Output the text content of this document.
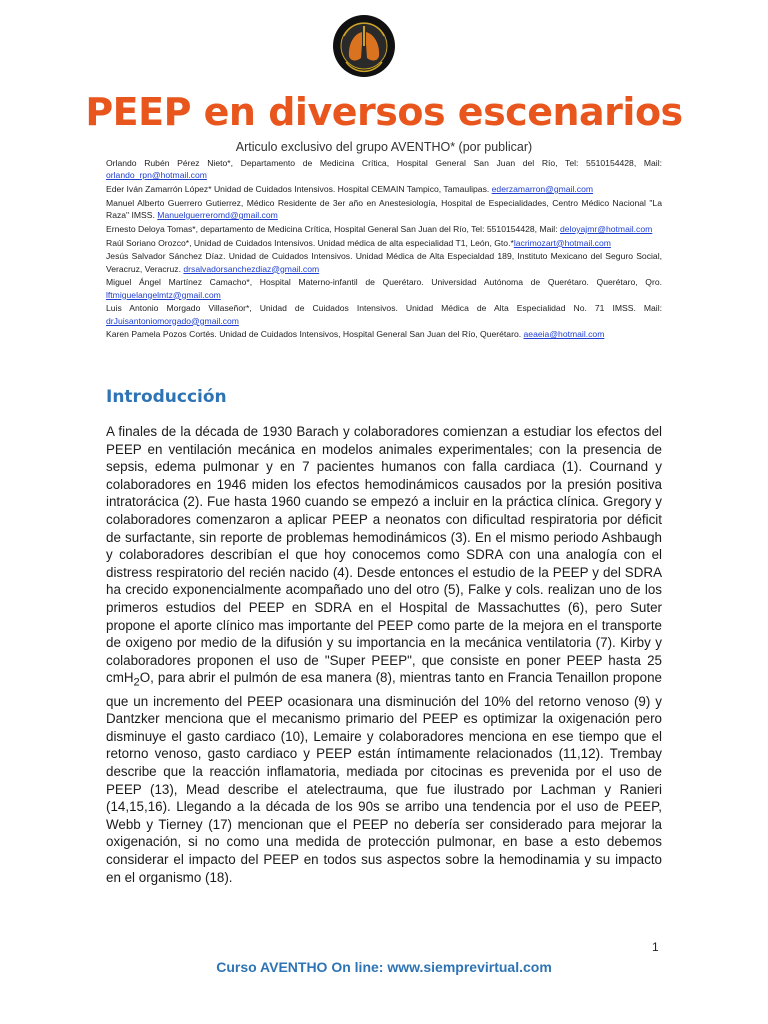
PEEP en diversos escenarios
Articulo exclusivo del grupo AVENTHO* (por publicar)
Orlando Rubén Pérez Nieto*, Departamento de Medicina Crítica, Hospital General San Juan del Río, Tel: 5510154428, Mail: orlando_rpn@hotmail.com
Eder Iván Zamarrón López* Unidad de Cuidados Intensivos. Hospital CEMAIN Tampico, Tamaulipas. ederzamarron@gmail.com
Manuel Alberto Guerrero Gutierrez, Médico Residente de 3er año en Anestesiología, Hospital de Especialidades, Centro Médico Nacional "La Raza" IMSS. Manuelguerreromd@gmail.com
Ernesto Deloya Tomas*, departamento de Medicina Crítica, Hospital General San Juan del Río, Tel: 5510154428, Mail: deloyajmr@hotmail.com
Raúl Soriano Orozco*, Unidad de Cuidados Intensivos. Unidad médica de alta especialidad T1, León, Gto.*lacrimozart@hotmail.com
Jesús Salvador Sánchez Díaz. Unidad de Cuidados Intensivos. Unidad Médica de Alta Especialdad 189, Instituto Mexicano del Seguro Social, Veracruz, Veracruz. drsalvadorsanchezdiaz@gmail.com
Miguel Ángel Martínez Camacho*, Hospital Materno-infantil de Querétaro. Universidad Autónoma de Querétaro. Querétaro, Qro. lftmiguelangelmtz@gmail.com
Luis Antonio Morgado Villaseñor*, Unidad de Cuidados Intensivos. Unidad Médica de Alta Especialidad No. 71 IMSS. Mail: drJuisantoniomorgado@gmail.com
Karen Pamela Pozos Cortés. Unidad de Cuidados Intensivos, Hospital General San Juan del Río, Querétaro. aeaeia@hotmail.com
Introducción

A finales de la década de 1930 Barach y colaboradores comienzan a estudiar los efectos del PEEP en ventilación mecánica en modelos animales experimentales; con la presencia de sepsis, edema pulmonar y en 7 pacientes humanos con falla cardiaca (1). Cournand y colaboradores en 1946 miden los efectos hemodinámicos causados por la presión positiva intratorácica (2). Fue hasta 1960 cuando se empezó a incluir en la práctica clínica. Gregory y colaboradores comenzaron a aplicar PEEP a neonatos con dificultad respiratoria por déficit de surfactante, sin reporte de problemas hemodinámicos (3). En el mismo periodo Ashbaugh y colaboradores describían el que hoy conocemos como SDRA con una analogía con el distress respiratorio del recién nacido (4). Desde entonces el estudio de la PEEP y del SDRA ha crecido exponencialmente acompañado uno del otro (5), Falke y cols. realizan uno de los primeros estudios del PEEP en SDRA en el Hospital de Massachuttes (6), pero Suter propone el aporte clínico mas importante del PEEP como parte de la mejora en el transporte de oxigeno por medio de la difusión y su importancia en la mecánica ventilatoria (7). Kirby y colaboradores proponen el uso de "Super PEEP", que consiste en poner PEEP hasta 25 cmH$_2$O, para abrir el pulmón de esa manera (8), mientras tanto en Francia Tenaillon propone que un incremento del PEEP ocasionara una disminución del 10% del retorno venoso (9) y Dantzker menciona que el mecanismo primario del PEEP es optimizar la oxigenación pero disminuye el gasto cardiaco (10), Lemaire y colaboradores menciona en ese tiempo que el retorno venoso, gasto cardiaco y PEEP están íntimamente relacionados (11,12). Trembay describe que la reacción inflamatoria, mediada por citocinas es prevenida por el uso de PEEP (13), Mead describe el atelectrauma, que fue ilustrado por Lachman y Ranieri (14,15,16). Llegando a la década de los 90s se arribo una tendencia por el uso de PEEP, Webb y Tierney (17) mencionan que el PEEP no debería ser considerado para mejorar la oxigenación, si no como una medida de protección pulmonar, en base a esto debemos considerar el impacto del PEEP en todos sus aspectos sobre la hemodinamia y su impacto en el organismo (18).

1
Curso AVENTHO On line: www.siemprevirtual.com
